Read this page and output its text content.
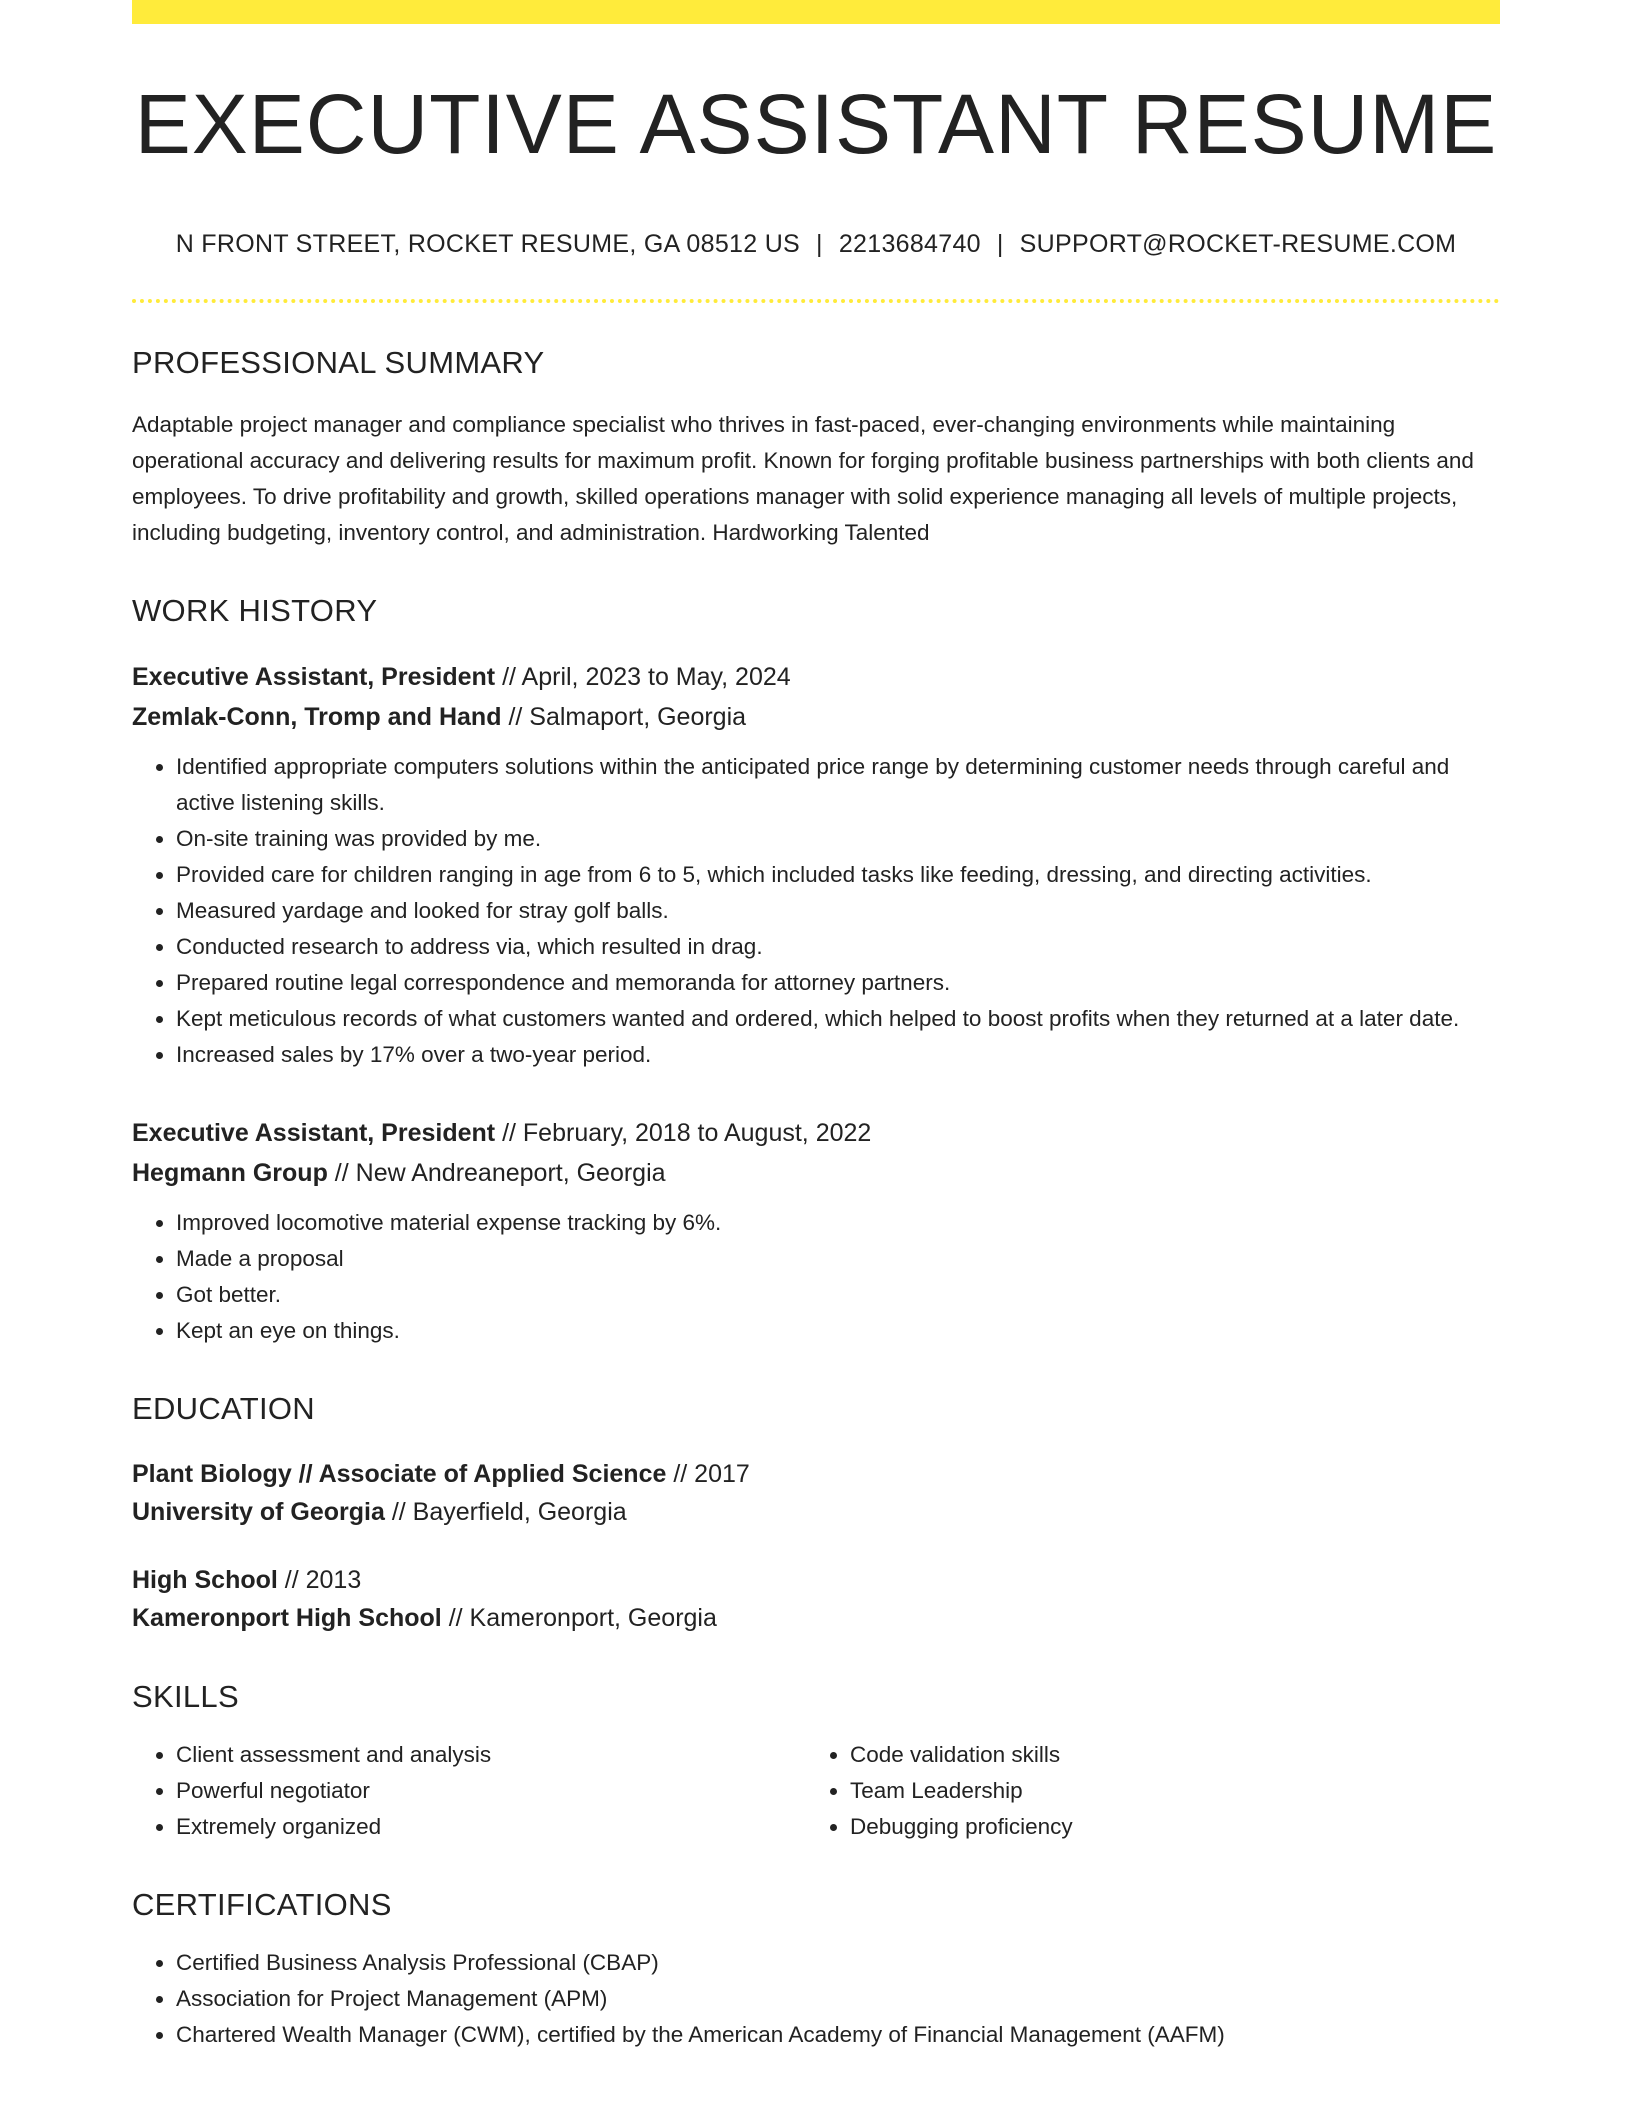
EXECUTIVE ASSISTANT RESUME
N FRONT STREET, ROCKET RESUME, GA 08512 US | 2213684740 | SUPPORT@ROCKET-RESUME.COM
PROFESSIONAL SUMMARY
Adaptable project manager and compliance specialist who thrives in fast-paced, ever-changing environments while maintaining operational accuracy and delivering results for maximum profit. Known for forging profitable business partnerships with both clients and employees. To drive profitability and growth, skilled operations manager with solid experience managing all levels of multiple projects, including budgeting, inventory control, and administration. Hardworking Talented
WORK HISTORY
Executive Assistant, President // April, 2023 to May, 2024
Zemlak-Conn, Tromp and Hand // Salmaport, Georgia
• Identified appropriate computers solutions within the anticipated price range by determining customer needs through careful and active listening skills.
• On-site training was provided by me.
• Provided care for children ranging in age from 6 to 5, which included tasks like feeding, dressing, and directing activities.
• Measured yardage and looked for stray golf balls.
• Conducted research to address via, which resulted in drag.
• Prepared routine legal correspondence and memoranda for attorney partners.
• Kept meticulous records of what customers wanted and ordered, which helped to boost profits when they returned at a later date.
• Increased sales by 17% over a two-year period.
Executive Assistant, President // February, 2018 to August, 2022
Hegmann Group // New Andreaneport, Georgia
• Improved locomotive material expense tracking by 6%.
• Made a proposal
• Got better.
• Kept an eye on things.
EDUCATION
Plant Biology // Associate of Applied Science // 2017
University of Georgia // Bayerfield, Georgia
High School // 2013
Kameronport High School // Kameronport, Georgia
SKILLS
• Client assessment and analysis
• Powerful negotiator
• Extremely organized
• Code validation skills
• Team Leadership
• Debugging proficiency
CERTIFICATIONS
• Certified Business Analysis Professional (CBAP)
• Association for Project Management (APM)
• Chartered Wealth Manager (CWM), certified by the American Academy of Financial Management (AAFM)
